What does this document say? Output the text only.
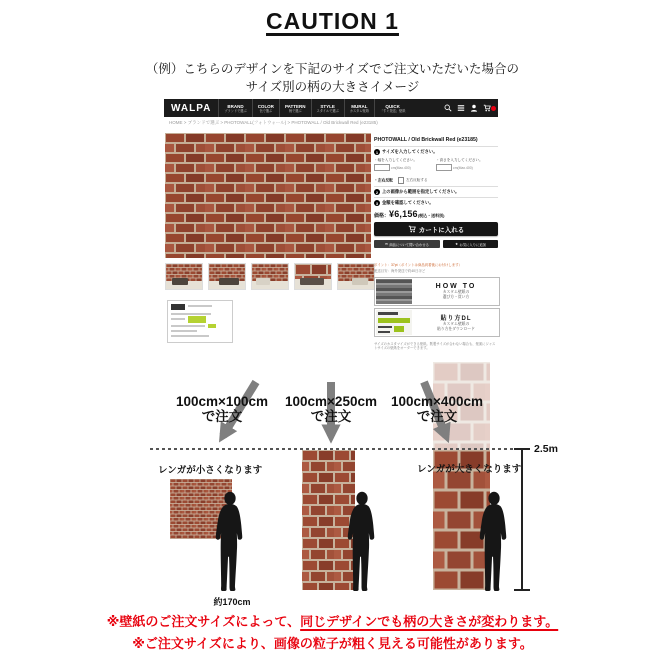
CAUTION 1
（例）こちらのデザインを下記のサイズでご注文いただいた場合の
サイズ別の柄の大きさイメージ
WALPA	BRAND
ブランドで選ぶ
COLOR
色で選ぶ
PATTERN
柄で選ぶ
STYLE
スタイルで選ぶ
MURAL
カスタム壁紙
QUICK
「すぐ発送」壁紙
HOME > ブランドで選ぶ > PHOTOWALL(フォトウォール) > PHOTOWALL / Old Brickwall Red (e23185)
PHOTOWALL / Old Brickwall Red (e23185)
1 サイズを入力してください。
・幅を入力してください。
cm(Max.400)
・高さを入力してください。
cm(Max.400)
・左右反転	左右反転する
2 上の画像から範囲を指定してください。
3 金額を確認してください。
価格：¥6,156(税込・送料別)
カートに入れる
✉ 商品について問い合わせる	★ お気に入りに追加
ポイント：37pt（ポイントは商品到着後にお付けします）
配送目安：海外発送で約40日ほど
HOW TO
カスタム壁紙の
選び方・買い方
貼り方DL
カスタム壁紙の
貼り方をダウンロード
サイズのカスタマイズができる壁紙。既製サイズが合わない場合も、壁面にジャストサイズの壁紙をオーダーできます。
100cm×100cm
で注文
100cm×250cm
で注文
100cm×400cm
で注文
2.5m
レンガが小さくなります
約170cm
レンガが大きくなります
※壁紙のご注文サイズによって、同じデザインでも柄の大きさが変わります。
※ご注文サイズにより、画像の粒子が粗く見える可能性があります。
